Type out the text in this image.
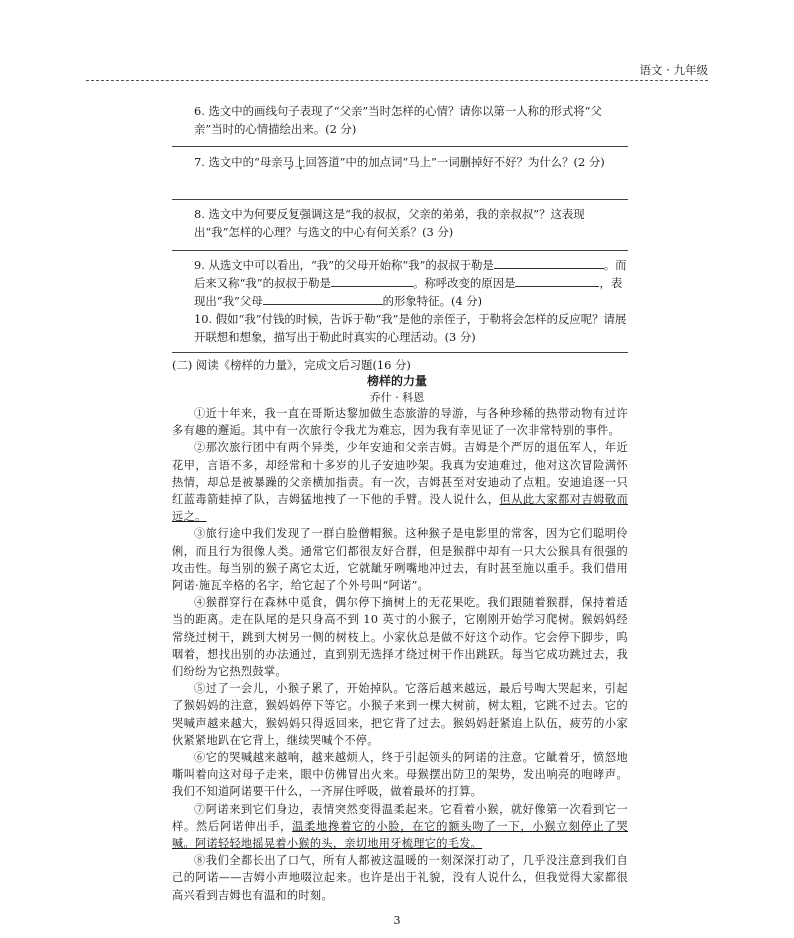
语文 · 九年级
6. 选文中的画线句子表现了“父亲”当时怎样的心情？请你以第一人称的形式将“父亲”当时的心情描绘出来。(2 分)
7. 选文中的“母亲马上回答道”中的加点词“马上”一词删掉好不好？为什么？(2 分)
8. 选文中为何要反复强调这是“我的叔叔，父亲的弟弟，我的亲叔叔”？这表现出“我”怎样的心理？与选文的中心有何关系？(3 分)
9. 从选文中可以看出，“我”的父母开始称“我”的叔叔于勒是	。而后来又称“我”的叔叔于勒是	。称呼改变的原因是	，表现出“我”父母	的形象特征。(4 分)
10. 假如“我”付钱的时候，告诉于勒“我”是他的亲侄子，于勒将会怎样的反应呢？请展开联想和想象，描写出于勒此时真实的心理活动。(3 分)
(二) 阅读《榜样的力量》，完成文后习题(16 分)
榜样的力量
乔什 · 科恩

①近十年来，我一直在哥斯达黎加做生态旅游的导游，与各种珍稀的热带动物有过许多有趣的邂逅。其中有一次旅行令我尤为难忘，因为我有幸见证了一次非常特别的事件。

②那次旅行团中有两个异类，少年安迪和父亲吉姆。吉姆是个严厉的退伍军人，年近花甲，言语不多，却经常和十多岁的儿子安迪吵架。我真为安迪难过，他对这次冒险满怀热情，却总是被暴躁的父亲横加指责。有一次，吉姆甚至对安迪动了点粗。安迪追逐一只红蓝毒箭蛙掉了队，吉姆猛地拽了一下他的手臂。没人说什么，但从此大家都对吉姆敬而远之。

③旅行途中我们发现了一群白脸僧帽猴。这种猴子是电影里的常客，因为它们聪明伶俐，而且行为很像人类。通常它们都很友好合群，但是猴群中却有一只大公猴具有很强的攻击性。每当别的猴子离它太近，它就龇牙咧嘴地冲过去，有时甚至施以重手。我们借用阿诺·施瓦辛格的名字，给它起了个外号叫“阿诺”。

④猴群穿行在森林中觅食，偶尔停下摘树上的无花果吃。我们跟随着猴群，保持着适当的距离。走在队尾的是只身高不到 10 英寸的小猴子，它刚刚开始学习爬树。猴妈妈经常绕过树干，跳到大树另一侧的树枝上。小家伙总是做不好这个动作。它会停下脚步，呜咽着，想找出别的办法通过，直到别无选择才绕过树干作出跳跃。每当它成功跳过去，我们纷纷为它热烈鼓掌。

⑤过了一会儿，小猴子累了，开始掉队。它落后越来越远，最后号啕大哭起来，引起了猴妈妈的注意，猴妈妈停下等它。小猴子来到一棵大树前，树太粗，它跳不过去。它的哭喊声越来越大，猴妈妈只得返回来，把它背了过去。猴妈妈赶紧追上队伍，疲劳的小家伙紧紧地趴在它背上，继续哭喊个不停。

⑥它的哭喊越来越响，越来越烦人，终于引起领头的阿诺的注意。它龇着牙，愤怒地嘶叫着向这对母子走来，眼中仿佛冒出火来。母猴摆出防卫的架势，发出响亮的咆哮声。我们不知道阿诺要干什么，一齐屏住呼吸，做着最坏的打算。

⑦阿诺来到它们身边，表情突然变得温柔起来。它看着小猴，就好像第一次看到它一样。然后阿诺伸出手，温柔地搀着它的小脸，在它的额头吻了一下，小猴立刻停止了哭喊。阿诺轻轻地摇晃着小猴的头，亲切地用牙梳理它的毛发。

⑧我们全都长出了口气，所有人都被这温暖的一刻深深打动了，几乎没注意到我们自己的阿诺——吉姆小声地啜泣起来。也许是出于礼貌，没有人说什么，但我觉得大家都很高兴看到吉姆也有温和的时刻。

3
